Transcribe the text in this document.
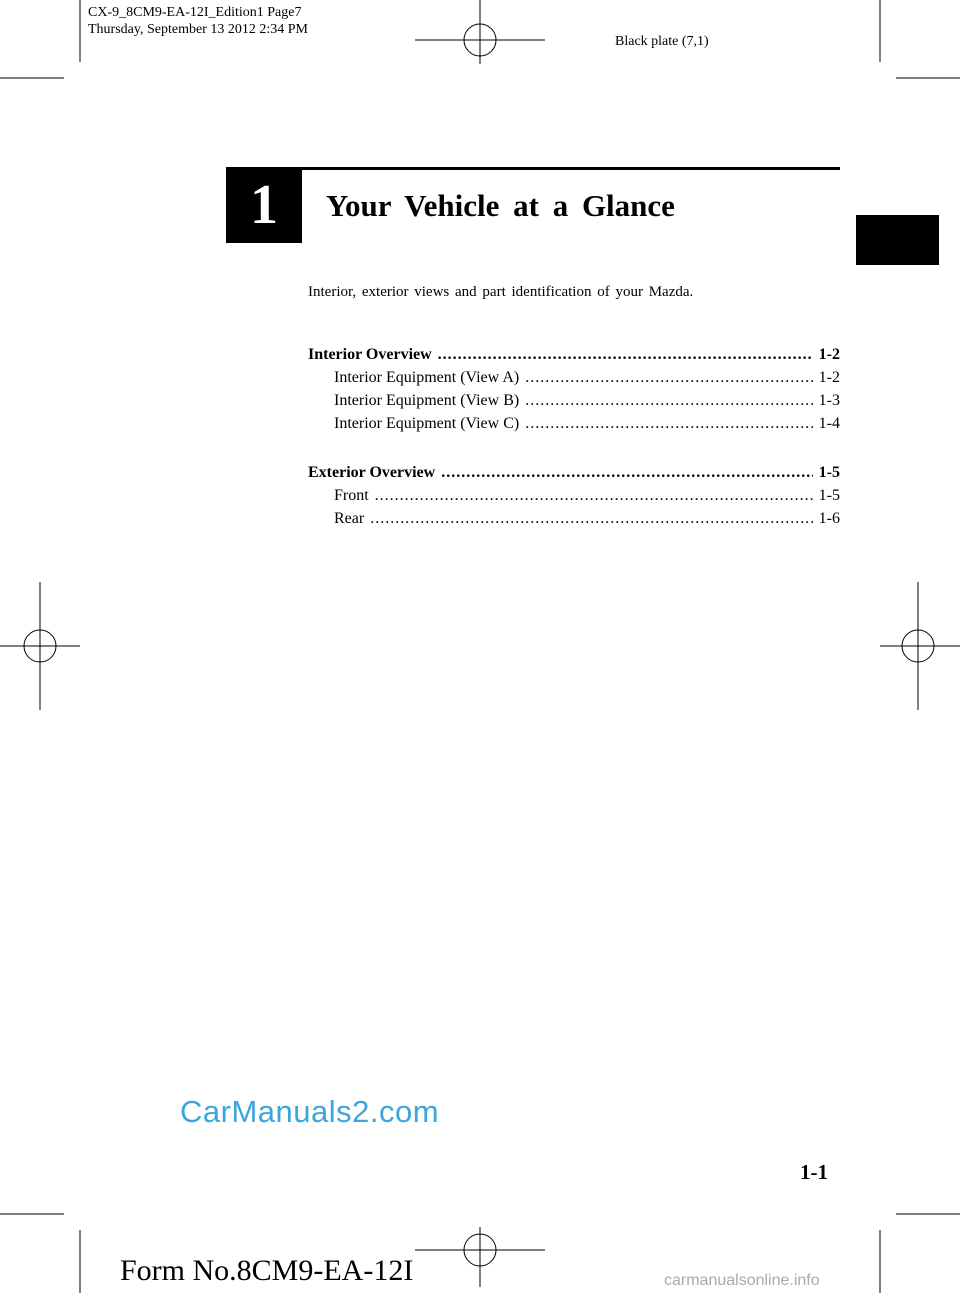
CX-9_8CM9-EA-12I_Edition1 Page7
Thursday, September 13 2012 2:34 PM
Black plate (7,1)
1	Your Vehicle at a Glance
Interior, exterior views and part identification of your Mazda.
Interior Overview .....	1-2
Interior Equipment (View A) .....	1-2
Interior Equipment (View B) .....	1-3
Interior Equipment (View C) .....	1-4
Exterior Overview .....	1-5
Front .....	1-5
Rear .....	1-6
CarManuals2.com
1-1
Form No.8CM9-EA-12I	carmanualsonline.info
